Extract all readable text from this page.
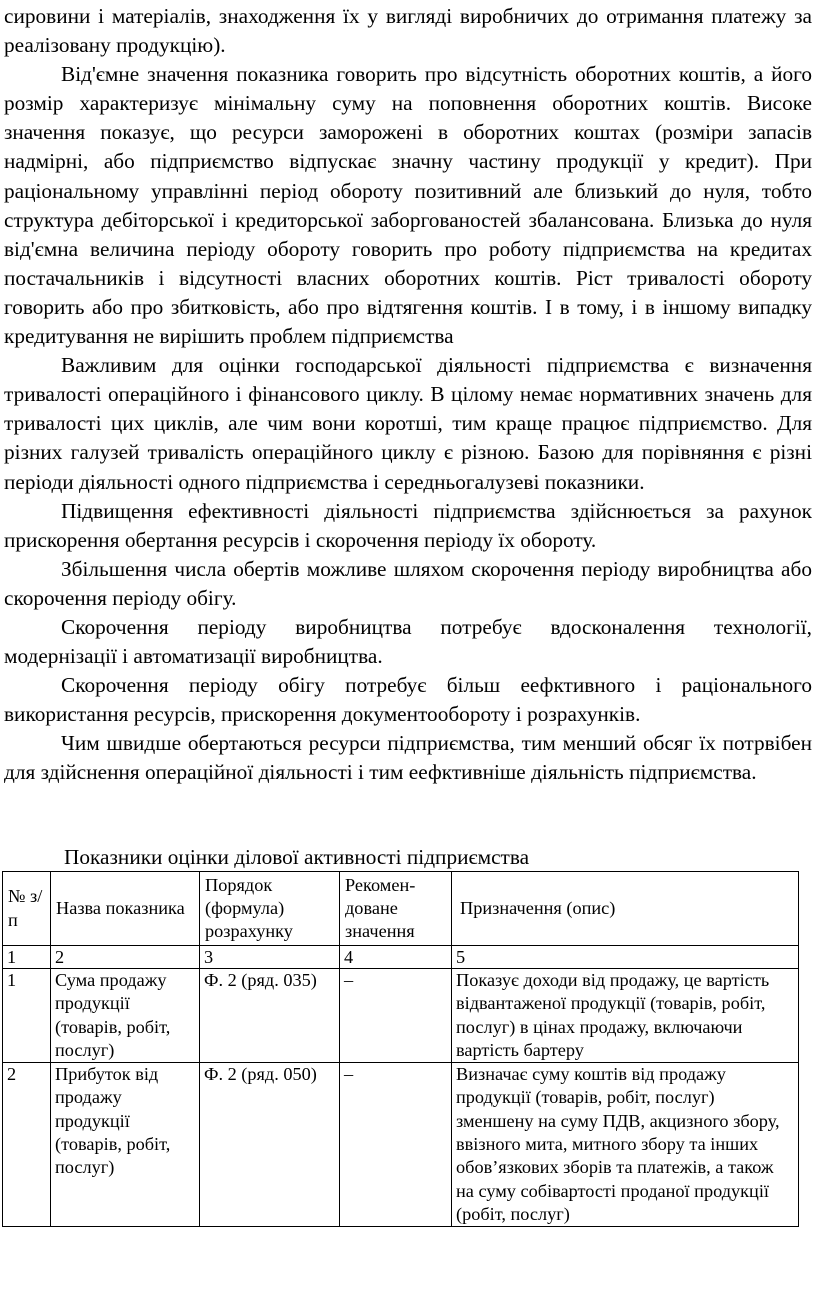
сировини і матеріалів, знаходження їх у вигляді виробничих до отримання платежу за реалізовану продукцію).

Від'ємне значення показника говорить про відсутність оборотних коштів, а його розмір характеризує мінімальну суму на поповнення оборотних коштів. Високе значення показує, що ресурси заморожені в оборотних коштах (розміри запасів надмірні, або підприємство відпускає значну частину продукції у кредит). При раціональному управлінні період обороту позитивний але близький до нуля, тобто структура дебіторської і кредиторської заборгованостей збалансована. Близька до нуля від'ємна величина періоду обороту говорить про роботу підприємства на кредитах постачальників і відсутності власних оборотних коштів. Ріст тривалості обороту говорить або про збитковість, або про відтягення коштів. І в тому, і в іншому випадку кредитування не вирішить проблем підприємства

Важливим для оцінки господарської діяльності підприємства є визначення тривалості операційного і фінансового циклу. В цілому немає нормативних значень для тривалості цих циклів, але чим вони коротші, тим краще працює підприємство. Для різних галузей тривалість операційного циклу є різною. Базою для порівняння є різні періоди діяльності одного підприємства і середньогалузеві показники.

Підвищення ефективності діяльності підприємства здійснюється за рахунок прискорення обертання ресурсів і скорочення періоду їх обороту.

Збільшення числа обертів можливе шляхом скорочення періоду виробництва або скорочення періоду обігу.

Скорочення періоду виробництва потребує вдосконалення технології, модернізації і автоматизації виробництва.

Скорочення періоду обігу потребує більш еефктивного і раціонального використання ресурсів, прискорення документообороту і розрахунків.

Чим швидше обертаються ресурси підприємства, тим менший обсяг їх потрвібен для здійснення операційної діяльності і тим еефктивніше діяльність підприємства.

Показники оцінки ділової активності підприємства
№ з/п	Назва показника	Порядок (формула) розрахунку	Рекомен-доване значення	Призначення (опис)

1	2	3	4	5
1	Сума продажу продукції (товарів, робіт, послуг)	Ф. 2 (ряд. 035)	–	Показує доходи від продажу, це вартість відвантаженої продукції (товарів, робіт, послуг) в цінах продажу, включаючи вартість бартеру
2	Прибуток від продажу продукції (товарів, робіт, послуг)	Ф. 2 (ряд. 050)	–	Визначає суму коштів від продажу продукції (товарів, робіт, послуг) зменшену на суму ПДВ, акцизного збору, ввізного мита, митного збору та інших обов’язкових зборів та платежів, а також на суму собівартості проданої продукції (робіт, послуг)
